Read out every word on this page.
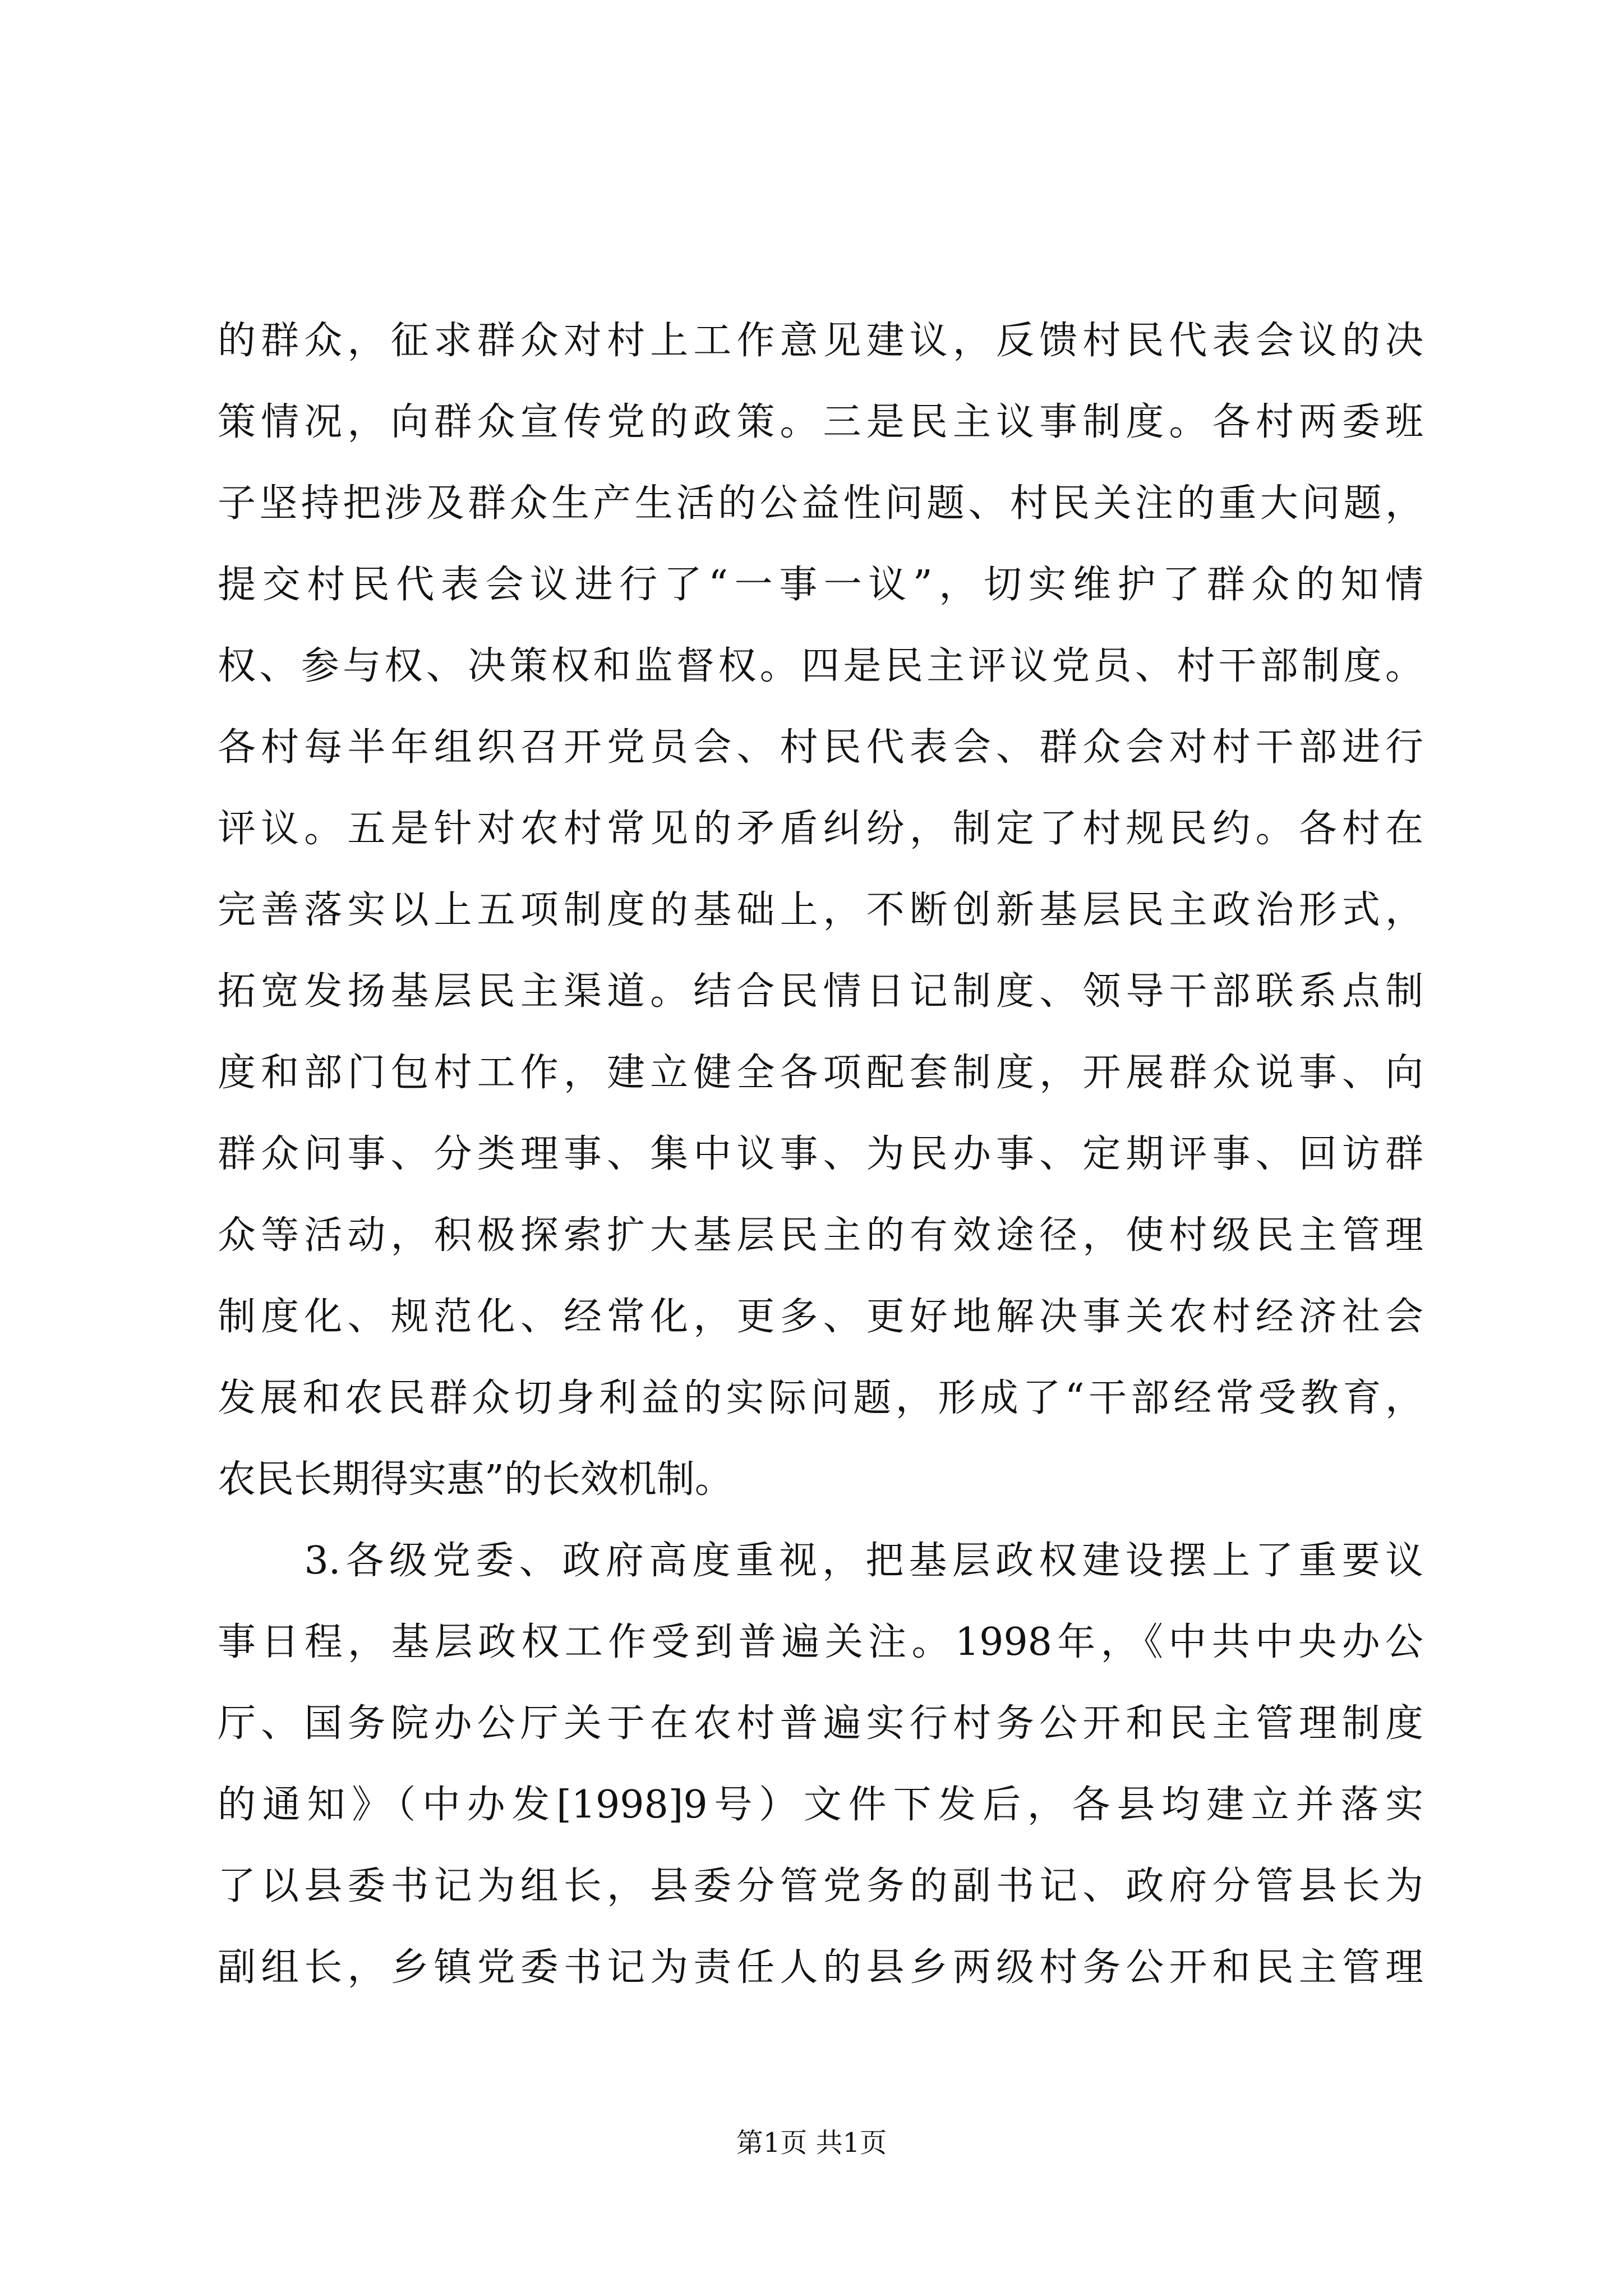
的群众，征求群众对村上工作意见建议，反馈村民代表会议的决
策情况，向群众宣传党的政策。三是民主议事制度。各村两委班
子坚持把涉及群众生产生活的公益性问题、村民关注的重大问题，
提交村民代表会议进行了“一事一议”，切实维护了群众的知情
权、参与权、决策权和监督权。四是民主评议党员、村干部制度。
各村每半年组织召开党员会、村民代表会、群众会对村干部进行
评议。五是针对农村常见的矛盾纠纷，制定了村规民约。各村在
完善落实以上五项制度的基础上，不断创新基层民主政治形式，
拓宽发扬基层民主渠道。结合民情日记制度、领导干部联系点制
度和部门包村工作，建立健全各项配套制度，开展群众说事、向
群众问事、分类理事、集中议事、为民办事、定期评事、回访群
众等活动，积极探索扩大基层民主的有效途径，使村级民主管理
制度化、规范化、经常化，更多、更好地解决事关农村经济社会
发展和农民群众切身利益的实际问题，形成了“干部经常受教育，
农民长期得实惠”的长效机制。
　　3.各级党委、政府高度重视，把基层政权建设摆上了重要议
事日程，基层政权工作受到普遍关注。1998年，《中共中央办公
厅、国务院办公厅关于在农村普遍实行村务公开和民主管理制度
的通知》（中办发[1998]9号）文件下发后，各县均建立并落实
了以县委书记为组长，县委分管党务的副书记、政府分管县长为
副组长，乡镇党委书记为责任人的县乡两级村务公开和民主管理
第1页 共1页
